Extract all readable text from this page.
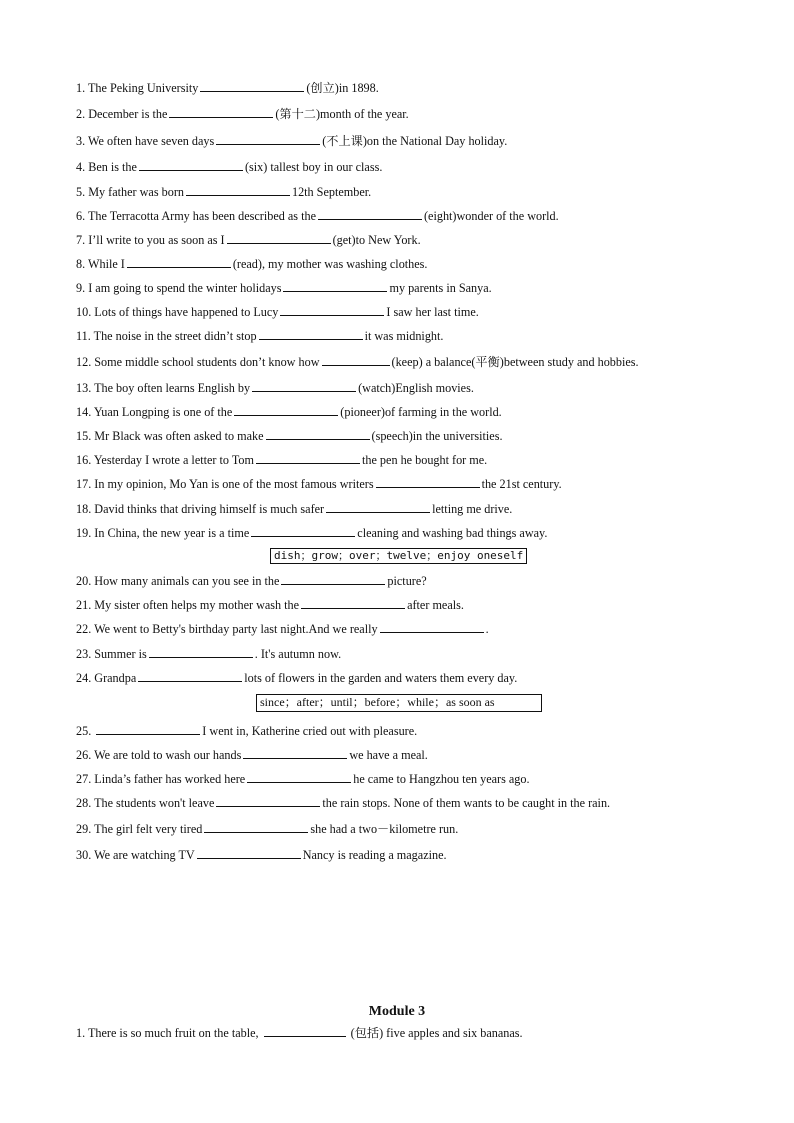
1. The Peking University	(创立)in 1898.
2. December is the	(第十二)month of the year.
3. We often have seven days	(不上课)on the National Day holiday.
4. Ben is the	(six) tallest boy in our class.
5. My father was born	12th September.
6. The Terracotta Army has been described as the	(eight)wonder of the world.
7. I’ll write to you as soon as I	(get)to New York.
8. While I	(read), my mother was washing clothes.
9. I am going to spend the winter holidays	my parents in Sanya.
10. Lots of things have happened to Lucy	I saw her last time.
11. The noise in the street didn’t stop	it was midnight.
12. Some middle school students don’t know how	(keep) a balance(平衡)between study and hobbies.
13. The boy often learns English by	(watch)English movies.
14. Yuan Longping is one of the	(pioneer)of farming in the world.
15. Mr Black was often asked to make	(speech)in the universities.
16. Yesterday I wrote a letter to Tom	the pen he bought for me.
17. In my opinion, Mo Yan is one of the most famous writers	the 21st century.
18. David thinks that driving himself is much safer	letting me drive.
19. In China, the new year is a time	cleaning and washing bad things away.
20. How many animals can you see in the	picture?
21. My sister often helps my mother wash the	after meals.
22. We went to Betty's birthday party last night.And we really	.
23. Summer is	. It's autumn now.
24. Grandpa	lots of flowers in the garden and waters them every day.
25.	I went in, Katherine cried out with pleasure.
26. We are told to wash our hands	we have a meal.
27. Linda’s father has worked here	he came to Hangzhou ten years ago.
28. The students won't leave	the rain stops. None of them wants to be caught in the rain.
29. The girl felt very tired	she had a two－kilometre run.
30. We are watching TV	Nancy is reading a magazine.
dish；grow；over；twelve；enjoy oneself
since；after；until；before；while；as soon as
Module 3
1. There is so much fruit on the table,	(包括) five apples and six bananas.
